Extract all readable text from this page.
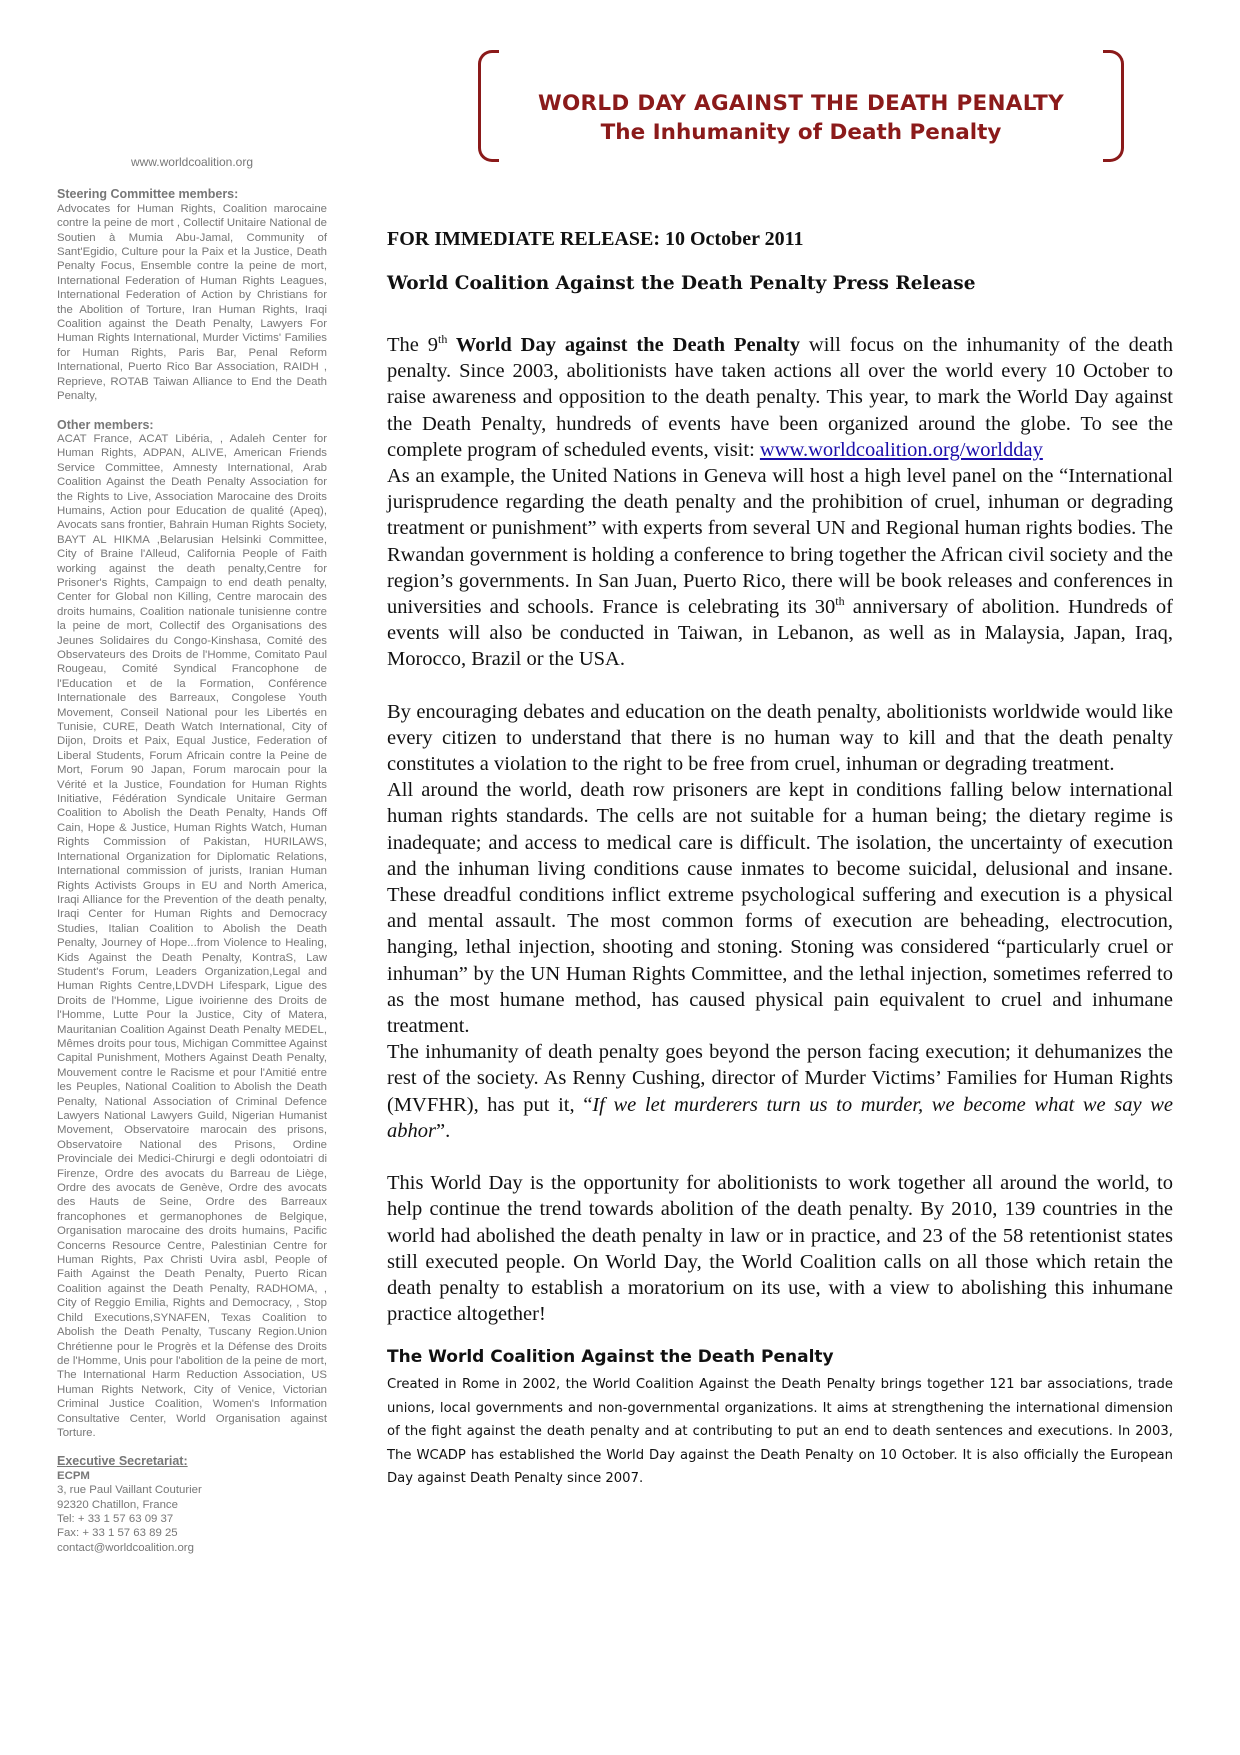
WORLD DAY AGAINST THE DEATH PENALTY
The Inhumanity of Death Penalty
www.worldcoalition.org
Steering Committee members:

Advocates for Human Rights, Coalition marocaine contre la peine de mort , Collectif Unitaire National de Soutien à Mumia Abu-Jamal, Community of Sant'Egidio, Culture pour la Paix et la Justice, Death Penalty Focus, Ensemble contre la peine de mort, International Federation of Human Rights Leagues, International Federation of Action by Christians for the Abolition of Torture, Iran Human Rights, Iraqi Coalition against the Death Penalty, Lawyers For Human Rights International, Murder Victims' Families for Human Rights, Paris Bar, Penal Reform International, Puerto Rico Bar Association, RAIDH , Reprieve, ROTAB Taiwan Alliance to End the Death Penalty,

Other members:

ACAT France, ACAT Libéria, , Adaleh Center for Human Rights, ADPAN, ALIVE, American Friends Service Committee, Amnesty International, Arab Coalition Against the Death Penalty Association for the Rights to Live, Association Marocaine des Droits Humains, Action pour Education de qualité (Apeq), Avocats sans frontier, Bahrain Human Rights Society, BAYT AL HIKMA ,Belarusian Helsinki Committee, City of Braine l'Alleud, California People of Faith working against the death penalty,Centre for Prisoner's Rights, Campaign to end death penalty, Center for Global non Killing, Centre marocain des droits humains, Coalition nationale tunisienne contre la peine de mort, Collectif des Organisations des Jeunes Solidaires du Congo-Kinshasa, Comité des Observateurs des Droits de l'Homme, Comitato Paul Rougeau, Comité Syndical Francophone de l'Education et de la Formation, Conférence Internationale des Barreaux, Congolese Youth Movement, Conseil National pour les Libertés en Tunisie, CURE, Death Watch International, City of Dijon, Droits et Paix, Equal Justice, Federation of Liberal Students, Forum Africain contre la Peine de Mort, Forum 90 Japan, Forum marocain pour la Vérité et la Justice, Foundation for Human Rights Initiative, Fédération Syndicale Unitaire German Coalition to Abolish the Death Penalty, Hands Off Cain, Hope & Justice, Human Rights Watch, Human Rights Commission of Pakistan, HURILAWS, International Organization for Diplomatic Relations, International commission of jurists, Iranian Human Rights Activists Groups in EU and North America, Iraqi Alliance for the Prevention of the death penalty, Iraqi Center for Human Rights and Democracy Studies, Italian Coalition to Abolish the Death Penalty, Journey of Hope...from Violence to Healing, Kids Against the Death Penalty, KontraS, Law Student's Forum, Leaders Organization,Legal and Human Rights Centre,LDVDH Lifespark, Ligue des Droits de l'Homme, Ligue ivoirienne des Droits de l'Homme, Lutte Pour la Justice, City of Matera, Mauritanian Coalition Against Death Penalty MEDEL, Mêmes droits pour tous, Michigan Committee Against Capital Punishment, Mothers Against Death Penalty, Mouvement contre le Racisme et pour l'Amitié entre les Peuples, National Coalition to Abolish the Death Penalty, National Association of Criminal Defence Lawyers National Lawyers Guild, Nigerian Humanist Movement, Observatoire marocain des prisons, Observatoire National des Prisons, Ordine Provinciale dei Medici-Chirurgi e degli odontoiatri di Firenze, Ordre des avocats du Barreau de Liège, Ordre des avocats de Genève, Ordre des avocats des Hauts de Seine, Ordre des Barreaux francophones et germanophones de Belgique, Organisation marocaine des droits humains, Pacific Concerns Resource Centre, Palestinian Centre for Human Rights, Pax Christi Uvira asbl, People of Faith Against the Death Penalty, Puerto Rican Coalition against the Death Penalty, RADHOMA, , City of Reggio Emilia, Rights and Democracy, , Stop Child Executions,SYNAFEN, Texas Coalition to Abolish the Death Penalty, Tuscany Region.Union Chrétienne pour le Progrès et la Défense des Droits de l'Homme, Unis pour l'abolition de la peine de mort, The International Harm Reduction Association, US Human Rights Network, City of Venice, Victorian Criminal Justice Coalition, Women's Information Consultative Center, World Organisation against Torture.

Executive Secretariat:
ECPM
3, rue Paul Vaillant Couturier
92320 Chatillon, France
Tel: + 33 1 57 63 09 37
Fax: + 33 1 57 63 89 25
contact@worldcoalition.org
FOR IMMEDIATE RELEASE: 10 October 2011
World Coalition Against the Death Penalty Press Release

The 9th World Day against the Death Penalty will focus on the inhumanity of the death penalty. Since 2003, abolitionists have taken actions all over the world every 10 October to raise awareness and opposition to the death penalty. This year, to mark the World Day against the Death Penalty, hundreds of events have been organized around the globe. To see the complete program of scheduled events, visit: www.worldcoalition.org/worldday

As an example, the United Nations in Geneva will host a high level panel on the “International jurisprudence regarding the death penalty and the prohibition of cruel, inhuman or degrading treatment or punishment” with experts from several UN and Regional human rights bodies. The Rwandan government is holding a conference to bring together the African civil society and the region’s governments. In San Juan, Puerto Rico, there will be book releases and conferences in universities and schools. France is celebrating its 30th anniversary of abolition. Hundreds of events will also be conducted in Taiwan, in Lebanon, as well as in Malaysia, Japan, Iraq, Morocco, Brazil or the USA.

By encouraging debates and education on the death penalty, abolitionists worldwide would like every citizen to understand that there is no human way to kill and that the death penalty constitutes a violation to the right to be free from cruel, inhuman or degrading treatment.

All around the world, death row prisoners are kept in conditions falling below international human rights standards. The cells are not suitable for a human being; the dietary regime is inadequate; and access to medical care is difficult. The isolation, the uncertainty of execution and the inhuman living conditions cause inmates to become suicidal, delusional and insane. These dreadful conditions inflict extreme psychological suffering and execution is a physical and mental assault. The most common forms of execution are beheading, electrocution, hanging, lethal injection, shooting and stoning. Stoning was considered “particularly cruel or inhuman” by the UN Human Rights Committee, and the lethal injection, sometimes referred to as the most humane method, has caused physical pain equivalent to cruel and inhumane treatment.

The inhumanity of death penalty goes beyond the person facing execution; it dehumanizes the rest of the society. As Renny Cushing, director of Murder Victims’ Families for Human Rights (MVFHR), has put it, “If we let murderers turn us to murder, we become what we say we abhor”.

This World Day is the opportunity for abolitionists to work together all around the world, to help continue the trend towards abolition of the death penalty. By 2010, 139 countries in the world had abolished the death penalty in law or in practice, and 23 of the 58 retentionist states still executed people. On World Day, the World Coalition calls on all those which retain the death penalty to establish a moratorium on its use, with a view to abolishing this inhumane practice altogether!

The World Coalition Against the Death Penalty

Created in Rome in 2002, the World Coalition Against the Death Penalty brings together 121 bar associations, trade unions, local governments and non-governmental organizations. It aims at strengthening the international dimension of the fight against the death penalty and at contributing to put an end to death sentences and executions. In 2003, The WCADP has established the World Day against the Death Penalty on 10 October. It is also officially the European Day against Death Penalty since 2007.
